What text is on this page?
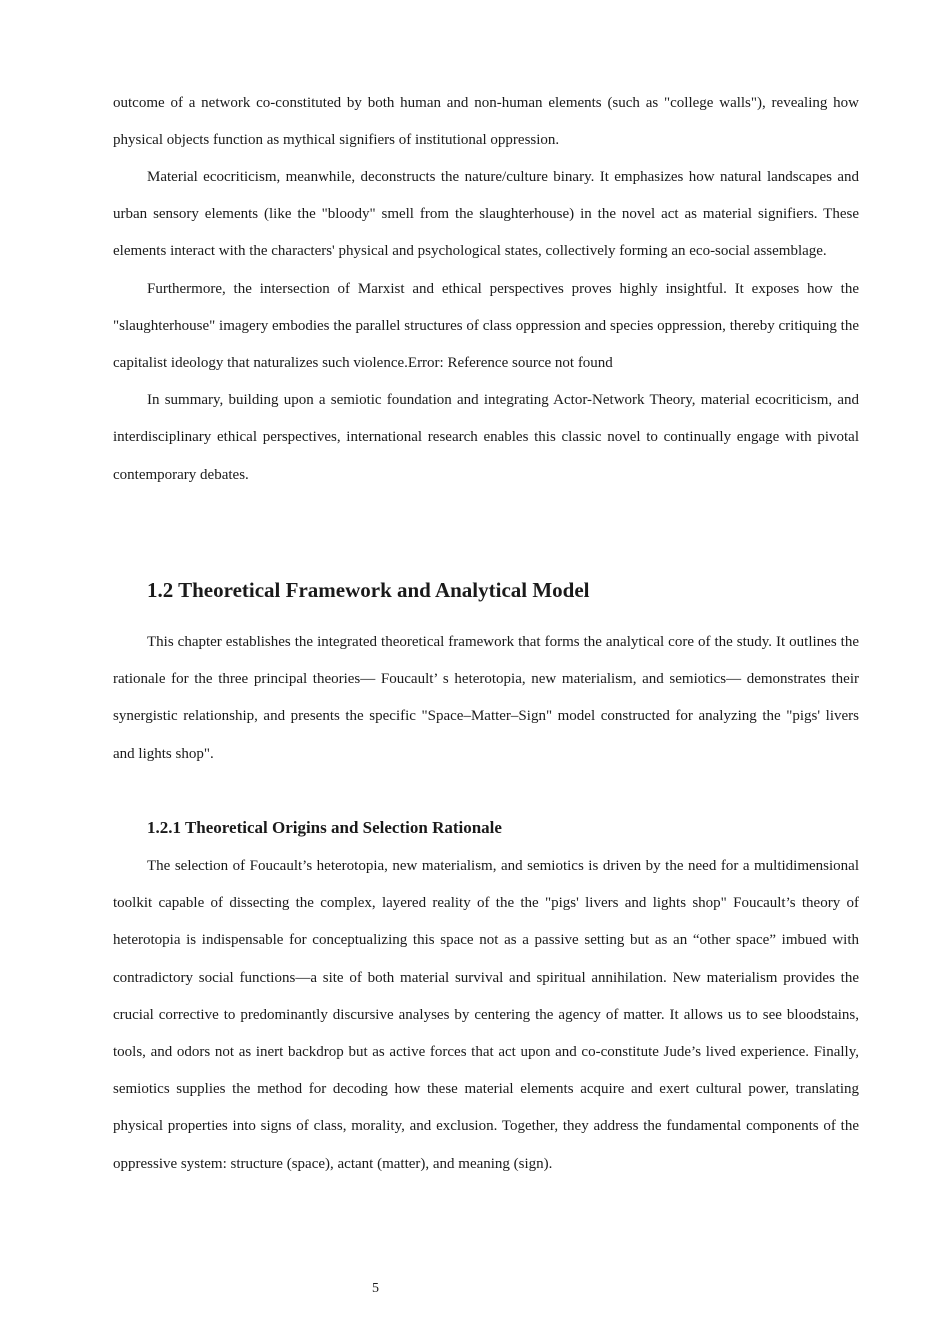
outcome of a network co-constituted by both human and non-human elements (such as "college walls"), revealing how physical objects function as mythical signifiers of institutional oppression.

Material ecocriticism, meanwhile, deconstructs the nature/culture binary. It emphasizes how natural landscapes and urban sensory elements (like the "bloody" smell from the slaughterhouse) in the novel act as material signifiers. These elements interact with the characters' physical and psychological states, collectively forming an eco-social assemblage.

Furthermore, the intersection of Marxist and ethical perspectives proves highly insightful. It exposes how the "slaughterhouse" imagery embodies the parallel structures of class oppression and species oppression, thereby critiquing the capitalist ideology that naturalizes such violence.Error: Reference source not found

In summary, building upon a semiotic foundation and integrating Actor-Network Theory, material ecocriticism, and interdisciplinary ethical perspectives, international research enables this classic novel to continually engage with pivotal contemporary debates.

1.2 Theoretical Framework and Analytical Model

This chapter establishes the integrated theoretical framework that forms the analytical core of the study. It outlines the rationale for the three principal theories— Foucault’ s heterotopia, new materialism, and semiotics— demonstrates their synergistic relationship, and presents the specific "Space–Matter–Sign" model constructed for analyzing the "pigs' livers and lights shop".

1.2.1 Theoretical Origins and Selection Rationale

The selection of Foucault’s heterotopia, new materialism, and semiotics is driven by the need for a multidimensional toolkit capable of dissecting the complex, layered reality of the the "pigs' livers and lights shop" Foucault’s theory of heterotopia is indispensable for conceptualizing this space not as a passive setting but as an “other space” imbued with contradictory social functions—a site of both material survival and spiritual annihilation. New materialism provides the crucial corrective to predominantly discursive analyses by centering the agency of matter. It allows us to see bloodstains, tools, and odors not as inert backdrop but as active forces that act upon and co-constitute Jude’s lived experience. Finally, semiotics supplies the method for decoding how these material elements acquire and exert cultural power, translating physical properties into signs of class, morality, and exclusion. Together, they address the fundamental components of the oppressive system: structure (space), actant (matter), and meaning (sign).

5
